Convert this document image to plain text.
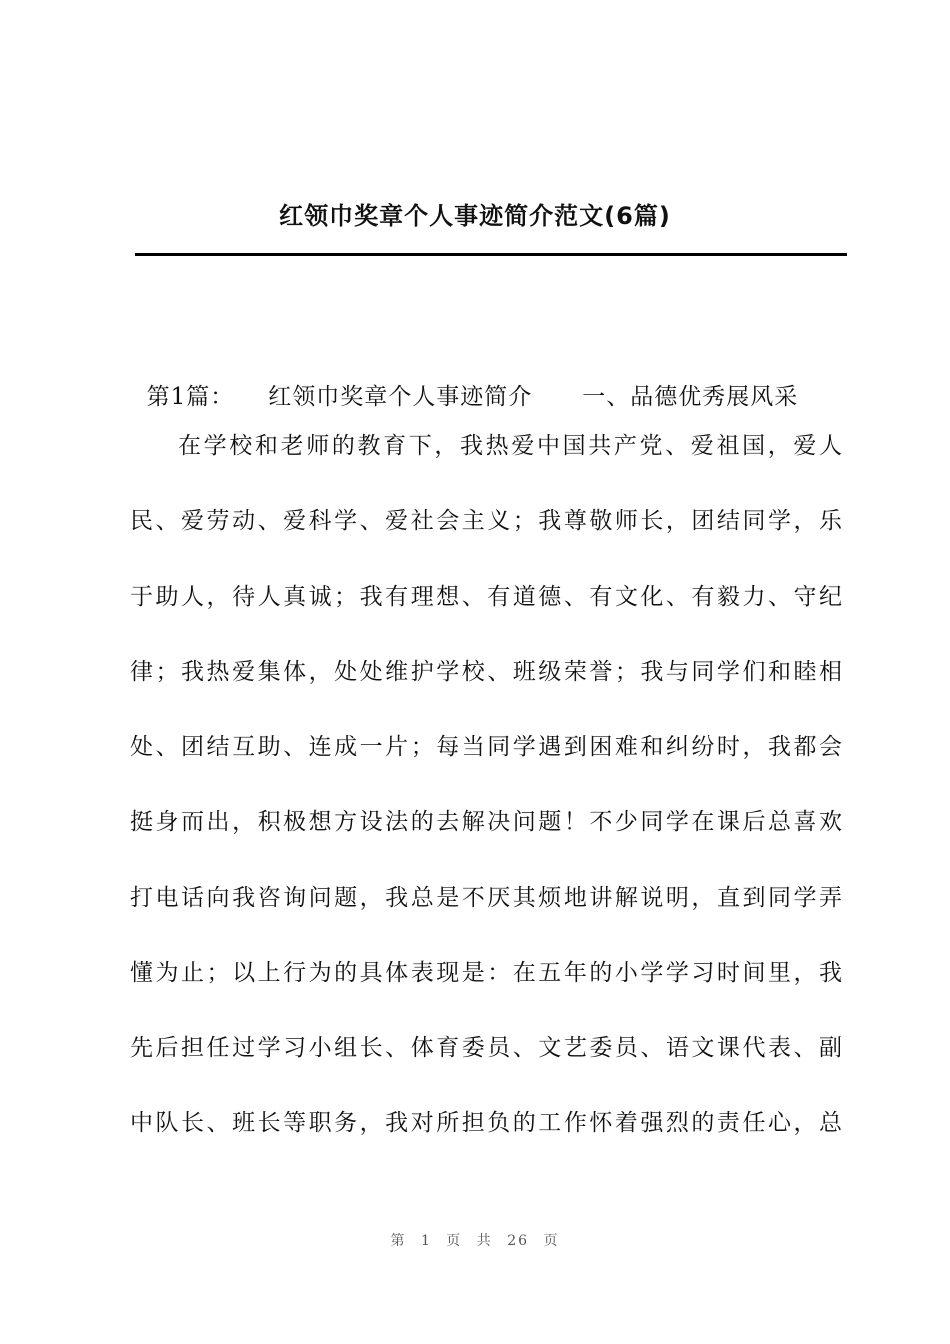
红领巾奖章个人事迹简介范文(6篇)

第1篇： 红领巾奖章个人事迹简介 一、品德优秀展风采

在学校和老师的教育下，我热爱中国共产党、爱祖国，爱人
民、爱劳动、爱科学、爱社会主义；我尊敬师长，团结同学，乐
于助人，待人真诚；我有理想、有道德、有文化、有毅力、守纪
律；我热爱集体，处处维护学校、班级荣誉；我与同学们和睦相
处、团结互助、连成一片；每当同学遇到困难和纠纷时，我都会
挺身而出，积极想方设法的去解决问题！不少同学在课后总喜欢
打电话向我咨询问题，我总是不厌其烦地讲解说明，直到同学弄
懂为止；以上行为的具体表现是：在五年的小学学习时间里，我
先后担任过学习小组长、体育委员、文艺委员、语文课代表、副
中队长、班长等职务，我对所担负的工作怀着强烈的责任心，总
第 1 页 共 26 页
